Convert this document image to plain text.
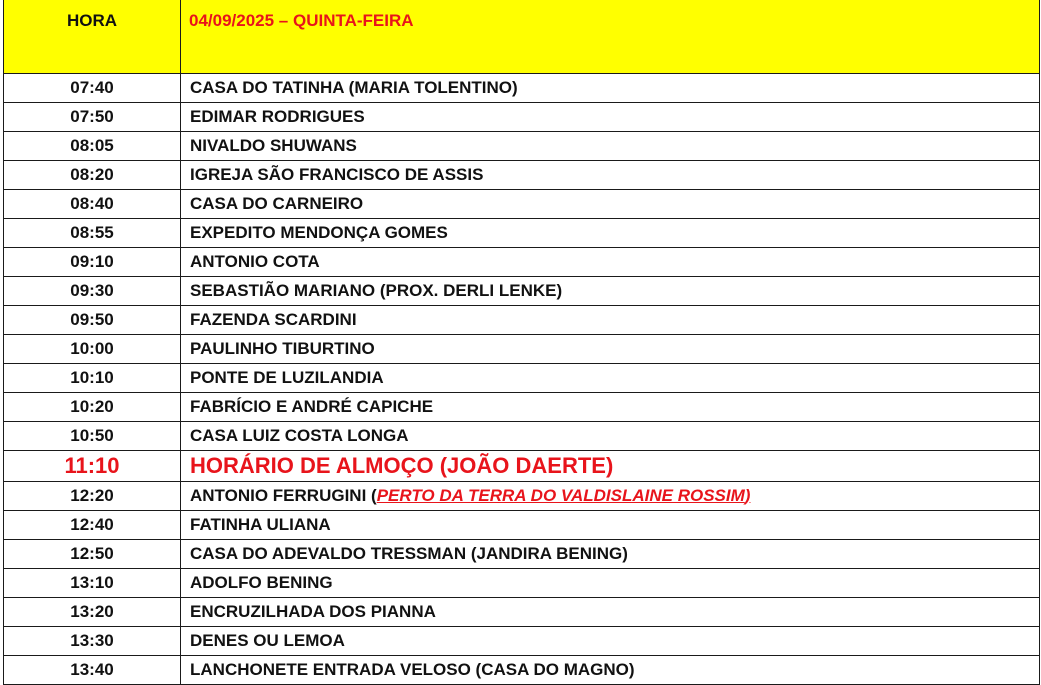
HORA	04/09/2025 – QUINTA-FEIRA
07:40	CASA DO TATINHA (MARIA TOLENTINO)
07:50	EDIMAR RODRIGUES
08:05	NIVALDO SHUWANS
08:20	IGREJA SÃO FRANCISCO DE ASSIS
08:40	CASA DO CARNEIRO
08:55	EXPEDITO MENDONÇA GOMES
09:10	ANTONIO COTA
09:30	SEBASTIÃO MARIANO (PROX. DERLI LENKE)
09:50	FAZENDA SCARDINI
10:00	PAULINHO TIBURTINO
10:10	PONTE DE LUZILANDIA
10:20	FABRÍCIO E ANDRÉ CAPICHE
10:50	CASA LUIZ COSTA LONGA
11:10	HORÁRIO DE ALMOÇO (JOÃO DAERTE)
12:20	ANTONIO FERRUGINI (PERTO DA TERRA DO VALDISLAINE ROSSIM)
12:40	FATINHA ULIANA
12:50	CASA DO ADEVALDO TRESSMAN (JANDIRA BENING)
13:10	ADOLFO BENING
13:20	ENCRUZILHADA DOS PIANNA
13:30	DENES OU LEMOA
13:40	LANCHONETE ENTRADA VELOSO (CASA DO MAGNO)
